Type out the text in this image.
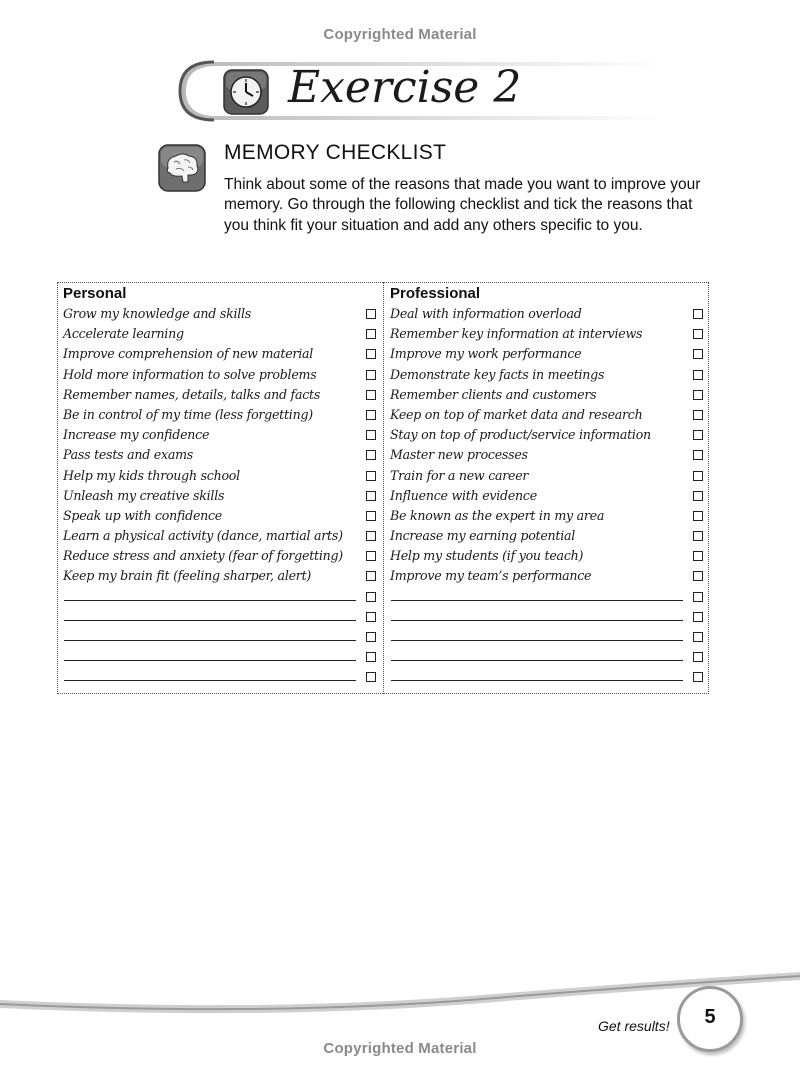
Copyrighted Material
Exercise 2
MEMORY CHECKLIST
Think about some of the reasons that made you want to improve your memory. Go through the following checklist and tick the reasons that you think fit your situation and add any others specific to you.
Personal
Grow my knowledge and skills
Accelerate learning
Improve comprehension of new material
Hold more information to solve problems
Remember names, details, talks and facts
Be in control of my time (less forgetting)
Increase my confidence
Pass tests and exams
Help my kids through school
Unleash my creative skills
Speak up with confidence
Learn a physical activity (dance, martial arts)
Reduce stress and anxiety (fear of forgetting)
Keep my brain fit (feeling sharper, alert)
Professional
Deal with information overload
Remember key information at interviews
Improve my work performance
Demonstrate key facts in meetings
Remember clients and customers
Keep on top of market data and research
Stay on top of product/service information
Master new processes
Train for a new career
Influence with evidence
Be known as the expert in my area
Increase my earning potential
Help my students (if you teach)
Improve my team’s performance
Get results!	5
Copyrighted Material
